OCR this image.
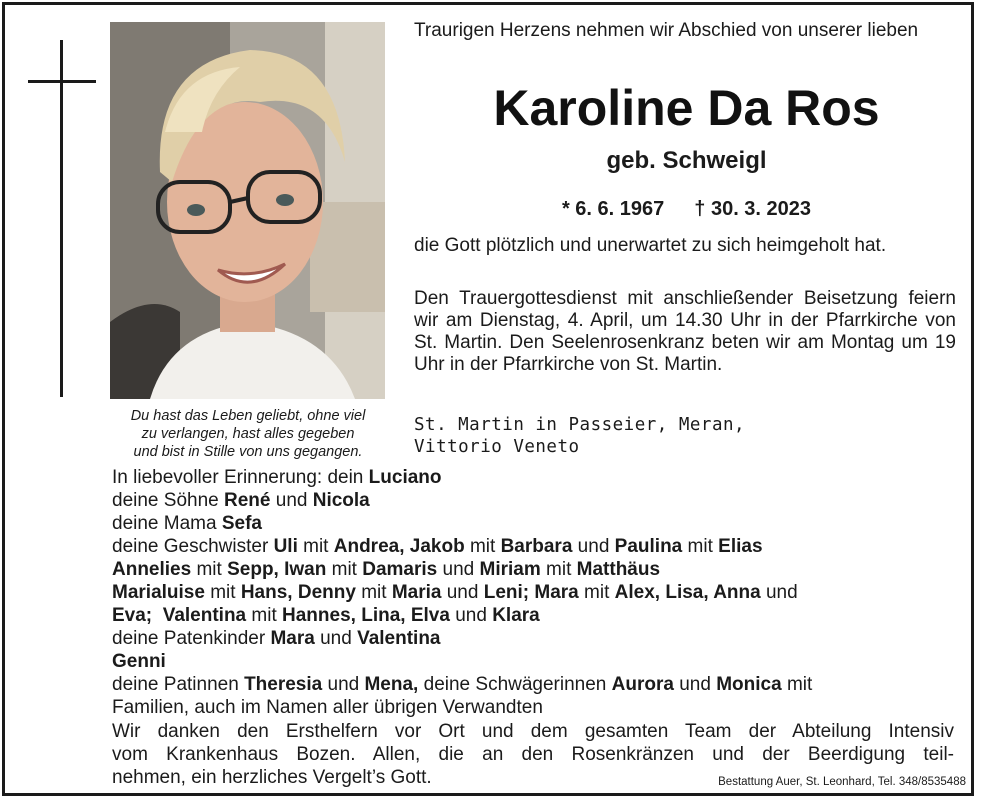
Du hast das Leben geliebt, ohne viel
zu verlangen, hast alles gegeben
und bist in Stille von uns gegangen.
Traurigen Herzens nehmen wir Abschied von unserer lieben
Karoline Da Ros
geb. Schweigl
* 6. 6. 1967 † 30. 3. 2023
die Gott plötzlich und unerwartet zu sich heimgeholt hat.
Den Trauergottesdienst mit anschließender Beisetzung feiern wir am Dienstag, 4. April, um 14.30 Uhr in der Pfarrkirche von St. Martin. Den Seelenrosenkranz beten wir am Montag um 19 Uhr in der Pfarrkirche von St. Martin.
St. Martin in Passeier, Meran,
Vittorio Veneto
In liebevoller Erinnerung: dein Luciano
deine Söhne René und Nicola
deine Mama Sefa
deine Geschwister Uli mit Andrea, Jakob mit Barbara und Paulina mit Elias
Annelies mit Sepp, Iwan mit Damaris und Miriam mit Matthäus
Marialuise mit Hans, Denny mit Maria und Leni; Mara mit Alex, Lisa, Anna und
Eva;  Valentina mit Hannes, Lina, Elva und Klara
deine Patenkinder Mara und Valentina
Genni
deine Patinnen Theresia und Mena, deine Schwägerinnen Aurora und Monica mit
Familien, auch im Namen aller übrigen Verwandten
Wir danken den Ersthelfern vor Ort und dem gesamten Team der Abteilung Intensiv
vom Krankenhaus Bozen. Allen, die an den Rosenkränzen und der Beerdigung teil-
nehmen, ein herzliches Vergelt’s Gott.	Bestattung Auer, St. Leonhard, Tel. 348/8535488
